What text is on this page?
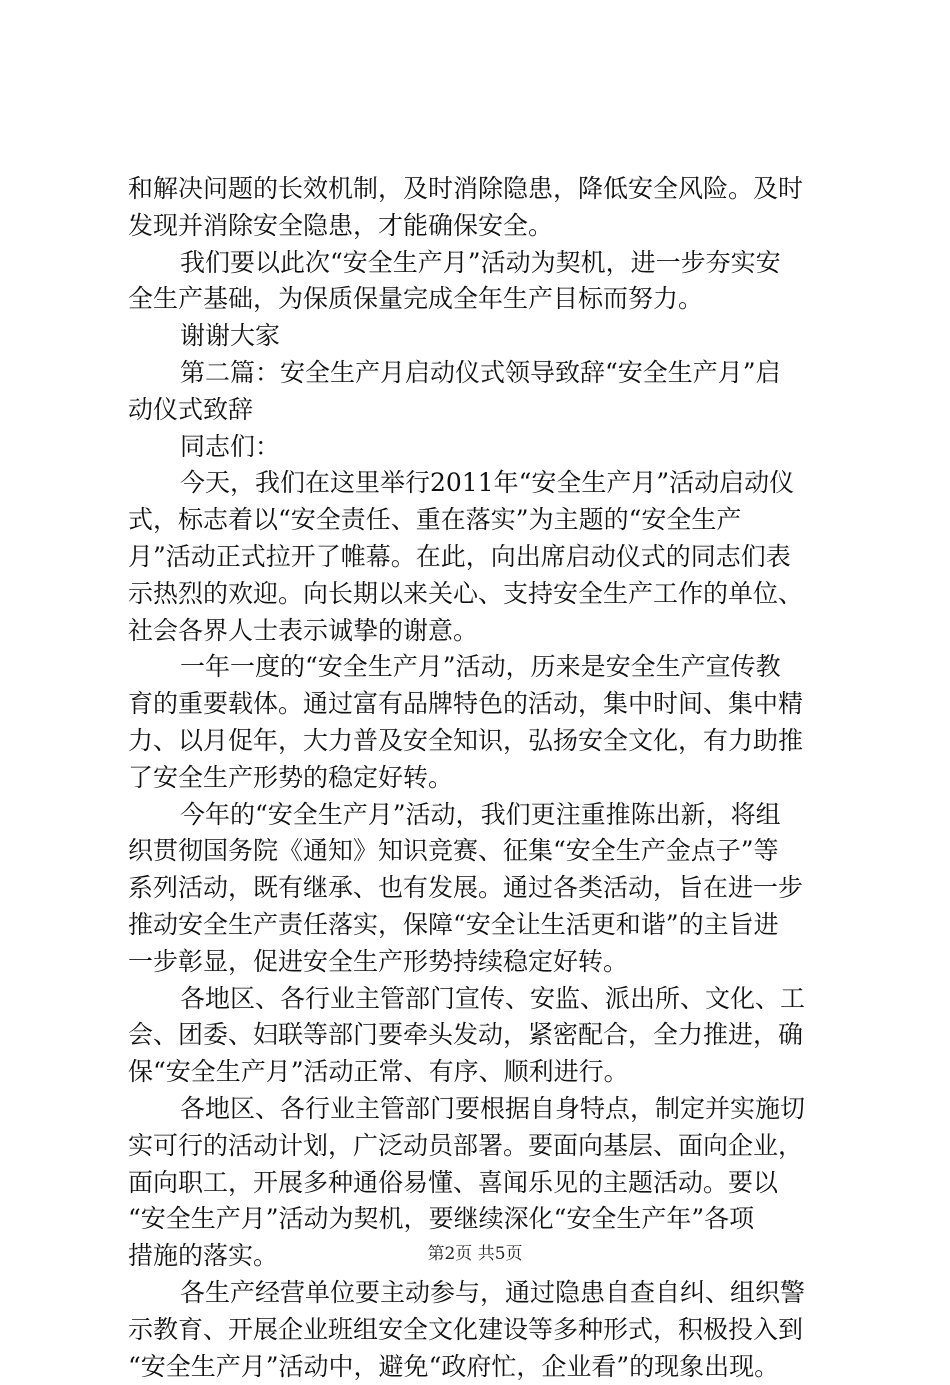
和解决问题的长效机制，及时消除隐患，降低安全风险。及时
发现并消除安全隐患，才能确保安全。
我们要以此次“安全生产月”活动为契机，进一步夯实安
全生产基础，为保质保量完成全年生产目标而努力。
谢谢大家
第二篇：安全生产月启动仪式领导致辞“安全生产月”启
动仪式致辞
同志们：
今天，我们在这里举行2011年“安全生产月”活动启动仪
式，标志着以“安全责任、重在落实”为主题的“安全生产
月”活动正式拉开了帷幕。在此，向出席启动仪式的同志们表
示热烈的欢迎。向长期以来关心、支持安全生产工作的单位、
社会各界人士表示诚挚的谢意。
一年一度的“安全生产月”活动，历来是安全生产宣传教
育的重要载体。通过富有品牌特色的活动，集中时间、集中精
力、以月促年，大力普及安全知识，弘扬安全文化，有力助推
了安全生产形势的稳定好转。
今年的“安全生产月”活动，我们更注重推陈出新，将组
织贯彻国务院《通知》知识竞赛、征集“安全生产金点子”等
系列活动，既有继承、也有发展。通过各类活动，旨在进一步
推动安全生产责任落实，保障“安全让生活更和谐”的主旨进
一步彰显，促进安全生产形势持续稳定好转。
各地区、各行业主管部门宣传、安监、派出所、文化、工
会、团委、妇联等部门要牵头发动，紧密配合，全力推进，确
保“安全生产月”活动正常、有序、顺利进行。
各地区、各行业主管部门要根据自身特点，制定并实施切
实可行的活动计划，广泛动员部署。要面向基层、面向企业，
面向职工，开展多种通俗易懂、喜闻乐见的主题活动。要以
“安全生产月”活动为契机，要继续深化“安全生产年”各项
措施的落实。
各生产经营单位要主动参与，通过隐患自查自纠、组织警
示教育、开展企业班组安全文化建设等多种形式，积极投入到
“安全生产月”活动中，避免“政府忙，企业看”的现象出现。
第2页 共5页
